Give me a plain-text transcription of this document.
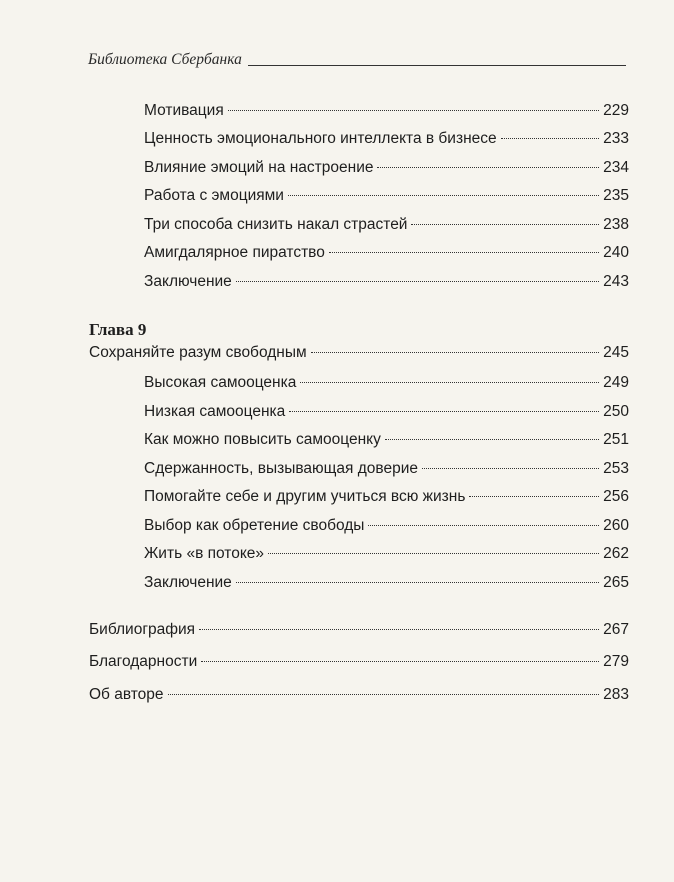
Библиотека Сбербанка
Мотивация	229
Ценность эмоционального интеллекта в бизнесе	233
Влияние эмоций на настроение	234
Работа с эмоциями	235
Три способа снизить накал страстей	238
Амигдалярное пиратство	240
Заключение	243
Глава 9
Сохраняйте разум свободным	245
Высокая самооценка	249
Низкая самооценка	250
Как можно повысить самооценку	251
Сдержанность, вызывающая доверие	253
Помогайте себе и другим учиться всю жизнь	256
Выбор как обретение свободы	260
Жить «в потоке»	262
Заключение	265
Библиография	267
Благодарности	279
Об авторе	283
